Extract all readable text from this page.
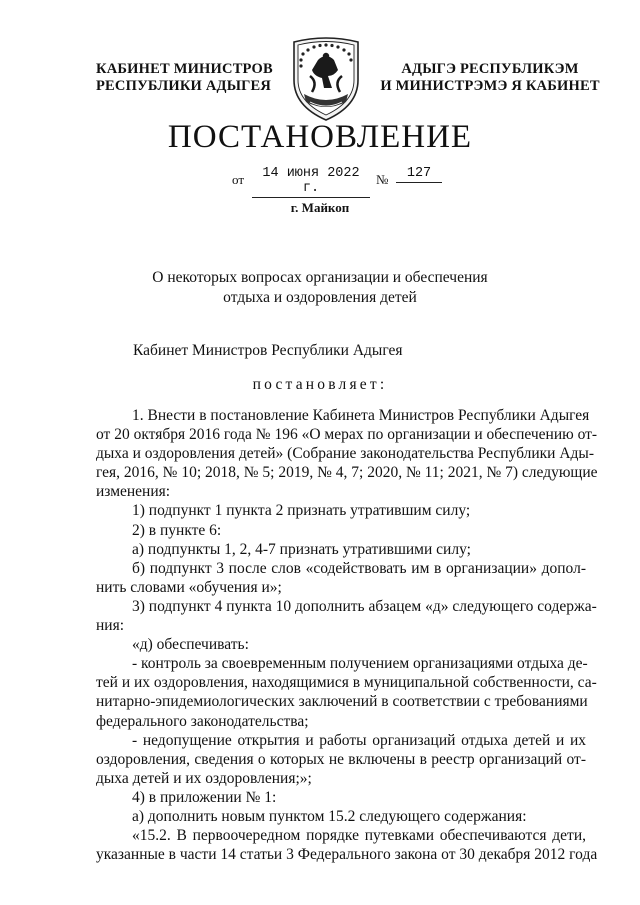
КАБИНЕТ МИНИСТРОВ
РЕСПУБЛИКИ АДЫГЕЯ
АДЫГЭ РЕСПУБЛИКЭМ
И МИНИСТРЭМЭ Я КАБИНЕТ
ПОСТАНОВЛЕНИЕ
от	14 июня 2022 г.
№	127
г. Майкоп
О некоторых вопросах организации и обеспечения
отдыха и оздоровления детей
Кабинет Министров Республики Адыгея
постановляет:
1. Внести в постановление Кабинета Министров Республики Адыгея
от 20 октября 2016 года № 196 «О мерах по организации и обеспечению от-
дыха и оздоровления детей» (Собрание законодательства Республики Ады-
гея, 2016, № 10; 2018, № 5; 2019, № 4, 7; 2020, № 11; 2021, № 7) следующие
изменения:
1) подпункт 1 пункта 2 признать утратившим силу;
2) в пункте 6:
а) подпункты 1, 2, 4-7 признать утратившими силу;
б) подпункт 3 после слов «содействовать им в организации» допол-
нить словами «обучения и»;
3) подпункт 4 пункта 10 дополнить абзацем «д» следующего содержа-
ния:
«д) обеспечивать:
- контроль за своевременным получением организациями отдыха де-
тей и их оздоровления, находящимися в муниципальной собственности, са-
нитарно-эпидемиологических заключений в соответствии с требованиями
федерального законодательства;
- недопущение открытия и работы организаций отдыха детей и их
оздоровления, сведения о которых не включены в реестр организаций от-
дыха детей и их оздоровления;»;
4) в приложении № 1:
а) дополнить новым пунктом 15.2 следующего содержания:
«15.2. В первоочередном порядке путевками обеспечиваются дети,
указанные в части 14 статьи 3 Федерального закона от 30 декабря 2012 года
